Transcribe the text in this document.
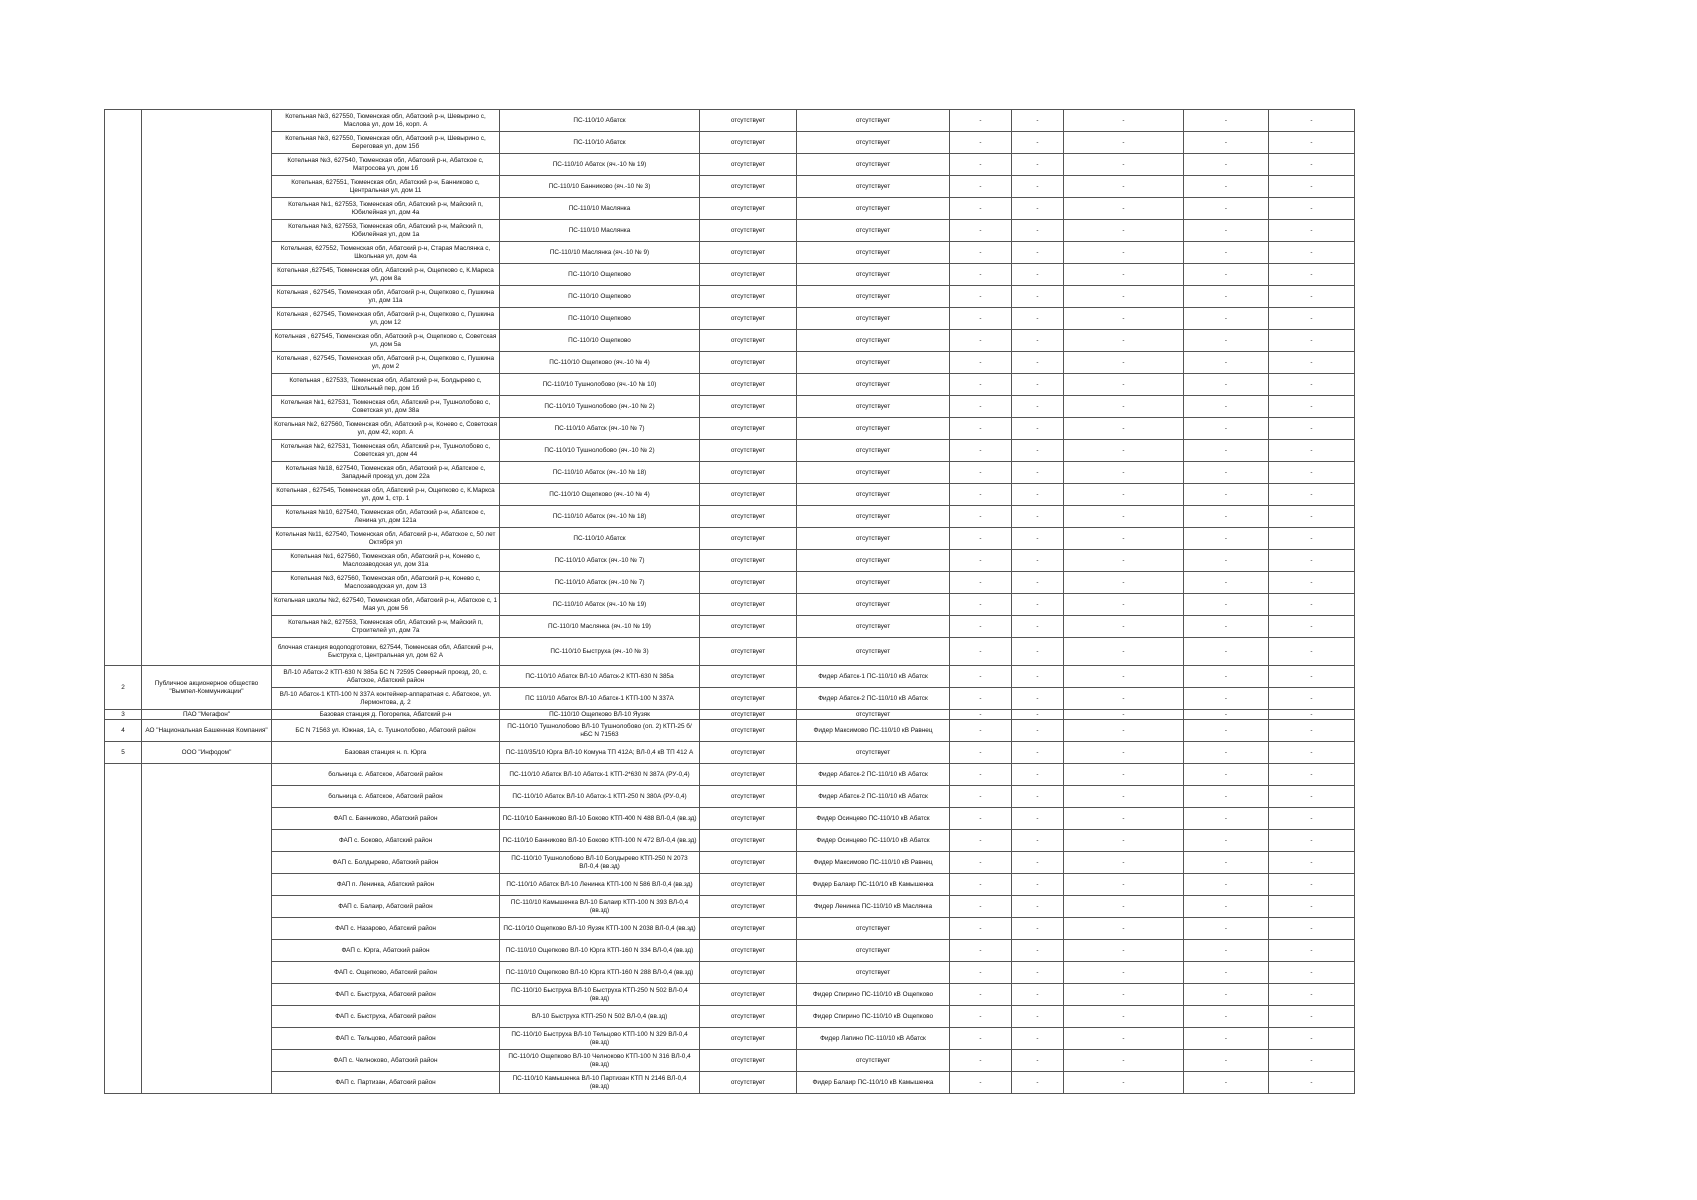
		Котельная №3, 627550, Тюменская обл, Абатский р-н, Шевырино с, Маслова ул, дом 16, корп. А	ПС-110/10 Абатск	отсутствует	отсутствует	-	-	-	-	-
		Котельная №3, 627550, Тюменская обл, Абатский р-н, Шевырино с, Береговая ул, дом 15б	ПС-110/10 Абатск	отсутствует	отсутствует	-	-	-	-	-
		Котельная №3, 627540, Тюменская обл, Абатский р-н, Абатское с, Матросова ул, дом 1б	ПС-110/10 Абатск (яч.-10 № 19)	отсутствует	отсутствует	-	-	-	-	-
		Котельная, 627551, Тюменская обл, Абатский р-н, Банниково с, Центральная ул, дом 11	ПС-110/10 Банниково (яч.-10 № 3)	отсутствует	отсутствует	-	-	-	-	-
		Котельная №1, 627553, Тюменская обл, Абатский р-н, Майский п, Юбилейная ул, дом 4а	ПС-110/10 Маслянка	отсутствует	отсутствует	-	-	-	-	-
		Котельная №3, 627553, Тюменская обл, Абатский р-н, Майский п, Юбилейная ул, дом 1а	ПС-110/10 Маслянка	отсутствует	отсутствует	-	-	-	-	-
		Котельная, 627552, Тюменская обл, Абатский р-н, Старая Маслянка с, Школьная ул, дом 4а	ПС-110/10 Маслянка (яч.-10 № 9)	отсутствует	отсутствует	-	-	-	-	-
		Котельная ,627545, Тюменская обл, Абатский р-н, Ощепково с, К.Маркса ул, дом 8а	ПС-110/10 Ощепково	отсутствует	отсутствует	-	-	-	-	-
		Котельная , 627545, Тюменская обл, Абатский р-н, Ощепково с, Пушкина ул, дом 11а	ПС-110/10 Ощепково	отсутствует	отсутствует	-	-	-	-	-
		Котельная , 627545, Тюменская обл, Абатский р-н, Ощепково с, Пушкина ул, дом 12	ПС-110/10 Ощепково	отсутствует	отсутствует	-	-	-	-	-
		Котельная , 627545, Тюменская обл, Абатский р-н, Ощепково с, Советская ул, дом 5а	ПС-110/10 Ощепково	отсутствует	отсутствует	-	-	-	-	-
		Котельная , 627545, Тюменская обл, Абатский р-н, Ощепково с, Пушкина ул, дом 2	ПС-110/10 Ощепково (яч.-10 № 4)	отсутствует	отсутствует	-	-	-	-	-
		Котельная , 627533, Тюменская обл, Абатский р-н, Болдырево с, Школьный пер, дом 1б	ПС-110/10 Тушнолобово (яч.-10 № 10)	отсутствует	отсутствует	-	-	-	-	-
		Котельная №1, 627531, Тюменская обл, Абатский р-н, Тушнолобово с, Советская ул, дом 38а	ПС-110/10 Тушнолобово (яч.-10 № 2)	отсутствует	отсутствует	-	-	-	-	-
		Котельная №2, 627560, Тюменская обл, Абатский р-н, Конево с, Советская ул, дом 42, корп. А	ПС-110/10 Абатск (яч.-10 № 7)	отсутствует	отсутствует	-	-	-	-	-
		Котельная №2, 627531, Тюменская обл, Абатский р-н, Тушнолобово с, Советская ул, дом 44	ПС-110/10 Тушнолобово (яч.-10 № 2)	отсутствует	отсутствует	-	-	-	-	-
		Котельная №18, 627540, Тюменская обл, Абатский р-н, Абатское с, Западный проезд ул, дом 22а	ПС-110/10 Абатск (яч.-10 № 18)	отсутствует	отсутствует	-	-	-	-	-
		Котельная , 627545, Тюменская обл, Абатский р-н, Ощепково с, К.Маркса ул, дом 1, стр. 1	ПС-110/10 Ощепково (яч.-10 № 4)	отсутствует	отсутствует	-	-	-	-	-
		Котельная №10, 627540, Тюменская обл, Абатский р-н, Абатское с, Ленина ул, дом 121а	ПС-110/10 Абатск (яч.-10 № 18)	отсутствует	отсутствует	-	-	-	-	-
		Котельная №11, 627540, Тюменская обл, Абатский р-н, Абатское с, 50 лет Октября ул	ПС-110/10 Абатск	отсутствует	отсутствует	-	-	-	-	-
		Котельная №1, 627560, Тюменская обл, Абатский р-н, Конево с, Маслозаводская ул, дом 31а	ПС-110/10 Абатск (яч.-10 № 7)	отсутствует	отсутствует	-	-	-	-	-
		Котельная №3, 627560, Тюменская обл, Абатский р-н, Конево с, Маслозаводская ул, дом 13	ПС-110/10 Абатск (яч.-10 № 7)	отсутствует	отсутствует	-	-	-	-	-
		Котельная школы №2, 627540, Тюменская обл, Абатский р-н, Абатское с, 1 Мая ул, дом 56	ПС-110/10 Абатск (яч.-10 № 19)	отсутствует	отсутствует	-	-	-	-	-
		Котельная №2, 627553, Тюменская обл, Абатский р-н, Майский п, Строителей ул, дом 7а	ПС-110/10 Маслянка (яч.-10 № 19)	отсутствует	отсутствует	-	-	-	-	-
		блочная станция водоподготовки, 627544, Тюменская обл, Абатский р-н, Быструха с, Центральная ул, дом 62 А	ПС-110/10 Быструха (яч.-10 № 3)	отсутствует	отсутствует	-	-	-	-	-
2	Публичное акционерное общество "Вымпел-Коммуникации"	ВЛ-10 Абатск-2 КТП-630 N 385а БС N 72595 Северный проезд, 20, с. Абатское, Абатский район	ПС-110/10 Абатск ВЛ-10 Абатск-2 КТП-630 N 385а	отсутствует	Фидер Абатск-1 ПС-110/10 кВ Абатск	-	-	-	-	-
		ВЛ-10 Абатск-1 КТП-100 N 337А контейнер-аппаратная с. Абатское, ул. Лермонтова, д. 2	ПС 110/10 Абатск ВЛ-10 Абатск-1 КТП-100 N 337А	отсутствует	Фидер Абатск-2 ПС-110/10 кВ Абатск	-	-	-	-	-
3	ПАО "Мегафон"	Базовая станция д. Погорелка, Абатский р-н	ПС-110/10 Ощепково ВЛ-10 Яузяк	отсутствует	отсутствует	-	-	-	-	-
4	АО "Национальная Башенная Компания"	БС N 71563 ул. Южная, 1А, с. Тушнолобово, Абатский район	ПС-110/10 Тушнолобово ВЛ-10 Тушнолобово (оп. 2) КТП-25 б/нБС N 71563	отсутствует	Фидер Максимово ПС-110/10 кВ Равнец	-	-	-	-	-
5	ООО "Инфодом"	Базовая станция н. п. Юрга	ПС-110/35/10 Юрга ВЛ-10 Комуна ТП 412А; ВЛ-0,4 кВ ТП 412 А	отсутствует	отсутствует	-	-	-	-	-
		больница с. Абатское, Абатский район	ПС-110/10 Абатск ВЛ-10 Абатск-1 КТП-2*630 N 387А (РУ-0,4)	отсутствует	Фидер Абатск-2 ПС-110/10 кВ Абатск	-	-	-	-	-
		больница с. Абатское, Абатский район	ПС-110/10 Абатск ВЛ-10 Абатск-1 КТП-250 N 380А (РУ-0,4)	отсутствует	Фидер Абатск-2 ПС-110/10 кВ Абатск	-	-	-	-	-
		ФАП с. Банниково, Абатский район	ПС-110/10 Банниково ВЛ-10 Боково КТП-400 N 488 ВЛ-0,4 (вв.зд)	отсутствует	Фидер Осинцево ПС-110/10 кВ Абатск	-	-	-	-	-
		ФАП с. Боково, Абатский район	ПС-110/10 Банниково ВЛ-10 Боково КТП-100 N 472 ВЛ-0,4 (вв.зд)	отсутствует	Фидер Осинцево ПС-110/10 кВ Абатск	-	-	-	-	-
		ФАП с. Болдырево, Абатский район	ПС-110/10 Тушнолобово ВЛ-10 Болдырево КТП-250 N 2073 ВЛ-0,4 (вв.зд)	отсутствует	Фидер Максимово ПС-110/10 кВ Равнец	-	-	-	-	-
		ФАП п. Ленинка, Абатский район	ПС-110/10 Абатск ВЛ-10 Ленинка КТП-100 N 586 ВЛ-0,4 (вв.зд)	отсутствует	Фидер Балаир ПС-110/10 кВ Камышенка	-	-	-	-	-
		ФАП с. Балаир, Абатский район	ПС-110/10 Камышенка ВЛ-10 Балаир КТП-100 N 393 ВЛ-0,4 (вв.зд)	отсутствует	Фидер Ленинка ПС-110/10 кВ Маслянка	-	-	-	-	-
		ФАП с. Назарово, Абатский район	ПС-110/10 Ощепково ВЛ-10 Яузяк КТП-100 N 2038 ВЛ-0,4 (вв.зд)	отсутствует	отсутствует	-	-	-	-	-
		ФАП с. Юрга, Абатский район	ПС-110/10 Ощепково ВЛ-10 Юрга КТП-160 N 334 ВЛ-0,4 (вв.зд)	отсутствует	отсутствует	-	-	-	-	-
		ФАП с. Ощепково, Абатский район	ПС-110/10 Ощепково ВЛ-10 Юрга КТП-160 N 288 ВЛ-0,4 (вв.зд)	отсутствует	отсутствует	-	-	-	-	-
		ФАП с. Быструха, Абатский район	ПС-110/10 Быструха ВЛ-10 Быструха КТП-250 N 502 ВЛ-0,4 (вв.зд)	отсутствует	Фидер Спирино ПС-110/10 кВ Ощепково	-	-	-	-	-
		ФАП с. Быструха, Абатский район	ВЛ-10 Быструха КТП-250 N 502 ВЛ-0,4 (вв.зд)	отсутствует	Фидер Спирино ПС-110/10 кВ Ощепково	-	-	-	-	-
		ФАП с. Тельцово, Абатский район	ПС-110/10 Быструха ВЛ-10 Тельцово КТП-100 N 329 ВЛ-0,4 (вв.зд)	отсутствует	Фидер Лапино ПС-110/10 кВ Абатск	-	-	-	-	-
		ФАП с. Челноково, Абатский район	ПС-110/10 Ощепково ВЛ-10 Челноково КТП-100 N 316 ВЛ-0,4 (вв.зд)	отсутствует	отсутствует	-	-	-	-	-
		ФАП с. Партизан, Абатский район	ПС-110/10 Камышенка ВЛ-10 Партизан КТП N 2146 ВЛ-0,4 (вв.зд)	отсутствует	Фидер Балаир ПС-110/10 кВ Камышенка	-	-	-	-	-
